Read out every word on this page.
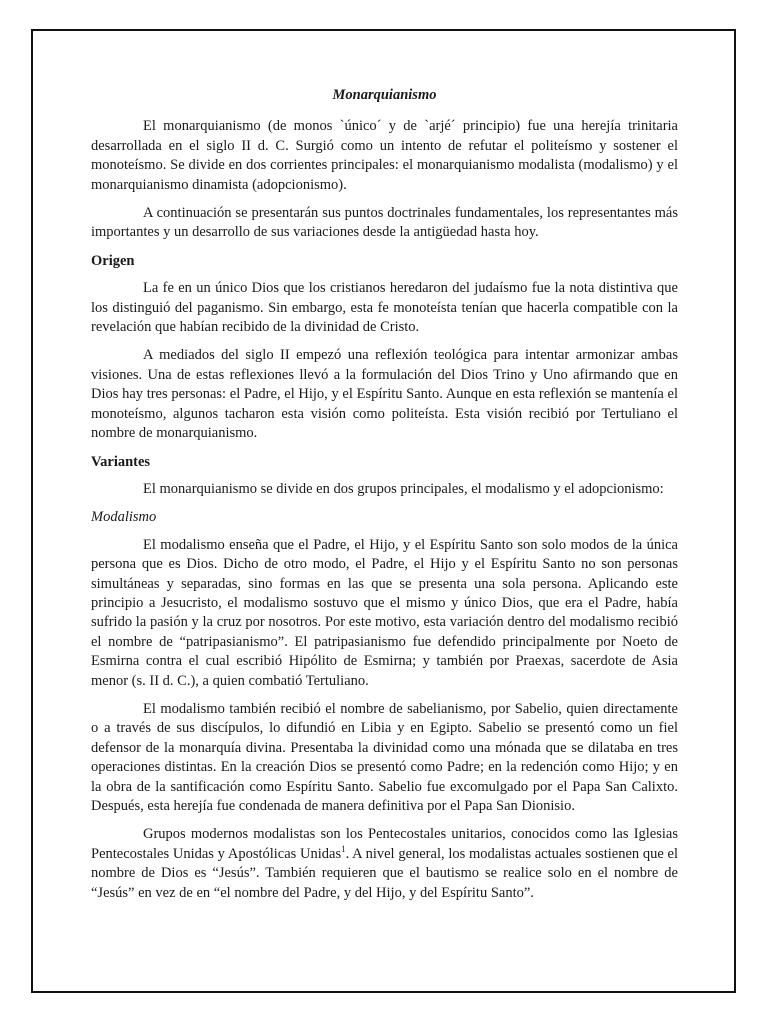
Monarquianismo

El monarquianismo (de monos `único´ y de `arjé´ principio) fue una herejía trinitaria desarrollada en el siglo II d. C. Surgió como un intento de refutar el politeísmo y sostener el monoteísmo. Se divide en dos corrientes principales: el monarquianismo modalista (modalismo) y el monarquianismo dinamista (adopcionismo).

A continuación se presentarán sus puntos doctrinales fundamentales, los representantes más importantes y un desarrollo de sus variaciones desde la antigüedad hasta hoy.

Origen

La fe en un único Dios que los cristianos heredaron del judaísmo fue la nota distintiva que los distinguió del paganismo. Sin embargo, esta fe monoteísta tenían que hacerla compatible con la revelación que habían recibido de la divinidad de Cristo.

A mediados del siglo II empezó una reflexión teológica para intentar armonizar ambas visiones. Una de estas reflexiones llevó a la formulación del Dios Trino y Uno afirmando que en Dios hay tres personas: el Padre, el Hijo, y el Espíritu Santo. Aunque en esta reflexión se mantenía el monoteísmo, algunos tacharon esta visión como politeísta. Esta visión recibió por Tertuliano el nombre de monarquianismo.

Variantes

El monarquianismo se divide en dos grupos principales, el modalismo y el adopcionismo:

Modalismo

El modalismo enseña que el Padre, el Hijo, y el Espíritu Santo son solo modos de la única persona que es Dios. Dicho de otro modo, el Padre, el Hijo y el Espíritu Santo no son personas simultáneas y separadas, sino formas en las que se presenta una sola persona. Aplicando este principio a Jesucristo, el modalismo sostuvo que el mismo y único Dios, que era el Padre, había sufrido la pasión y la cruz por nosotros. Por este motivo, esta variación dentro del modalismo recibió el nombre de “patripasianismo”. El patripasianismo fue defendido principalmente por Noeto de Esmirna contra el cual escribió Hipólito de Esmirna; y también por Praexas, sacerdote de Asia menor (s. II d. C.), a quien combatió Tertuliano.

El modalismo también recibió el nombre de sabelianismo, por Sabelio, quien directamente o a través de sus discípulos, lo difundió en Libia y en Egipto. Sabelio se presentó como un fiel defensor de la monarquía divina. Presentaba la divinidad como una mónada que se dilataba en tres operaciones distintas. En la creación Dios se presentó como Padre; en la redención como Hijo; y en la obra de la santificación como Espíritu Santo. Sabelio fue excomulgado por el Papa San Calixto. Después, esta herejía fue condenada de manera definitiva por el Papa San Dionisio.

Grupos modernos modalistas son los Pentecostales unitarios, conocidos como las Iglesias Pentecostales Unidas y Apostólicas Unidas$^1$. A nivel general, los modalistas actuales sostienen que el nombre de Dios es “Jesús”. También requieren que el bautismo se realice solo en el nombre de “Jesús” en vez de en “el nombre del Padre, y del Hijo, y del Espíritu Santo”.
